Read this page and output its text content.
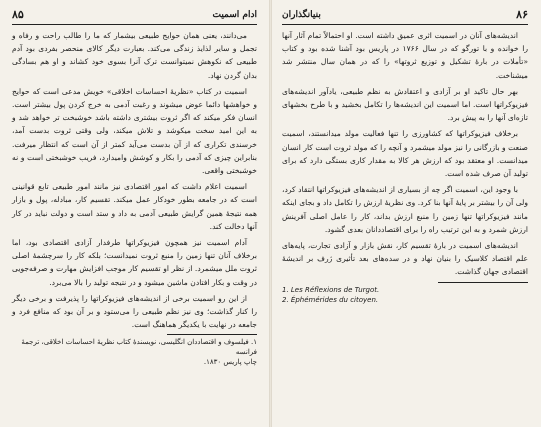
ادام اسمیت
۸۵

می‌دانند، یعنی همان حوایج طبیعی بیشمار که ما را طالب راحت و رفاه و تجمل و سایر لذایذ زندگی می‌کند. بعبارت دیگر کالای منحصر بفردی بود آدم طبیعی که نکوهش نمیتوانست ترک آنرا بسوی خود کشاند و او هم بسادگی بدان گردن نهاد.

اسمیت در کتاب «نظریهٔ احساسات اخلاقی» خویش مدعی است که حوایج و خواهشها دائما عوض میشوند و رغبت آدمی به خرج کردن پول بیشتر است. انسان فکر میکند که اگر ثروت بیشتری داشته باشد خوشبخت تر خواهد شد و به این امید سخت میکوشد و تلاش میکند، ولی وقتی ثروت بدست آمد، خرسندی تکراری که از آن بدست می‌آید کمتر از آن است که انتظار میرفت. بنابراین چیزی که آدمی را بکار و کوشش وامیدارد، فریب خوشبختی است و نه خوشبختی واقعی.

اسمیت اعلام داشت که امور اقتصادی نیز مانند امور طبیعی تابع قوانینی است که در جامعه بطور خودکار عمل میکند. تقسیم کار، مبادله، پول و بازار همه نتیجهٔ همین گرایش طبیعی آدمی به داد و ستد است و دولت نباید در کار آنها دخالت کند.

آدام اسمیت نیز همچون فیزیوکراتها طرفدار آزادی اقتصادی بود، اما برخلاف آنان تنها زمین را منبع ثروت نمیدانست؛ بلکه کار را سرچشمهٔ اصلی ثروت ملل میشمرد. از نظر او تقسیم کار موجب افزایش مهارت و صرفه‌جویی در وقت و بکار افتادن ماشین میشود و در نتیجه تولید را بالا می‌برد.

از این رو اسمیت برخی از اندیشه‌های فیزیوکراتها را پذیرفت و برخی دیگر را کنار گذاشت؛ وی نیز نظم طبیعی را می‌ستود و بر آن بود که منافع فرد و جامعه در نهایت با یکدیگر هماهنگ است.

۱. فیلسوف و اقتصاددان انگلیسی، نویسندهٔ کتاب نظریهٔ احساسات اخلاقی، ترجمهٔ فرانسه
چاپ پاریس ۱۸۳۰.
۸۶
بنیانگذاران

اندیشه‌های آنان در اسمیت اثری عمیق داشته است. او احتمالاً تمام آثار آنها را خوانده و با تورگو که در سال ۱۷۶۶ در پاریس بود آشنا شده بود و کتاب «تأملات در بارهٔ تشکیل و توزیع ثروتها» را که در همان سال منتشر شد میشناخت.

بهر حال تاکید او بر آزادی و اعتقادش به نظم طبیعی، یادآور اندیشه‌های فیزیوکراتها است. اما اسمیت این اندیشه‌ها را تکامل بخشید و با طرح بخشهای تازه‌ای آنها را به پیش برد.

برخلاف فیزیوکراتها که کشاورزی را تنها فعالیت مولد میدانستند، اسمیت صنعت و بازرگانی را نیز مولد میشمرد و آنچه را که مولد ثروت است کار انسان میدانست. او معتقد بود که ارزش هر کالا به مقدار کاری بستگی دارد که برای تولید آن صرف شده است.

با وجود این، اسمیت اگر چه از بسیاری از اندیشه‌های فیزیوکراتها انتقاد کرد، ولی آن را بیشتر بر پایهٔ آنها بنا کرد. وی نظریهٔ ارزش را تکامل داد و بجای اینکه مانند فیزیوکراتها تنها زمین را منبع ارزش بداند، کار را عامل اصلی آفرینش ارزش شمرد و به این ترتیب راه را برای اقتصاددانان بعدی گشود.

اندیشه‌های اسمیت در بارهٔ تقسیم کار، نقش بازار و آزادی تجارت، پایه‌های علم اقتصاد کلاسیک را بنیان نهاد و در سده‌های بعد تأثیری ژرف بر اندیشهٔ اقتصادی جهان گذاشت.

1. Les Réflexions de Turgot.
2. Éphémérides du citoyen.
